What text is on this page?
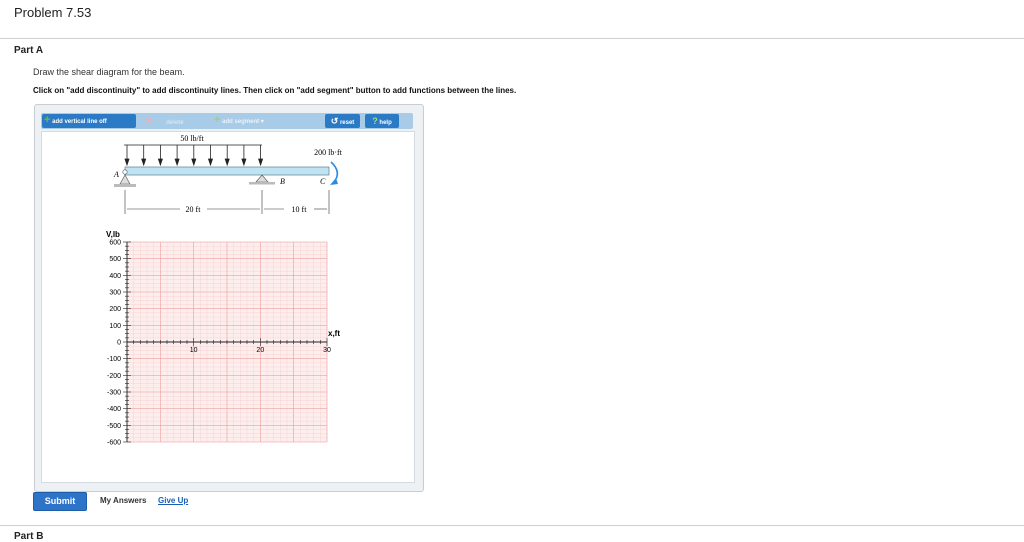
Problem 7.53
Part A
Draw the shear diagram for the beam.
Click on "add discontinuity" to add discontinuity lines. Then click on "add segment" button to add functions between the lines.
+ add vertical line off	✕ delete	+ add segment ▾	↺ reset	? help
50 lb/ft
A
B	C
200 lb·ft
20 ft	10 ft
600
500
400
300
200
100
0
-100
-200
-300
-400
-500
-600
10	20	30
V,lb
x,ft
Submit	My Answers Give Up
Part B
